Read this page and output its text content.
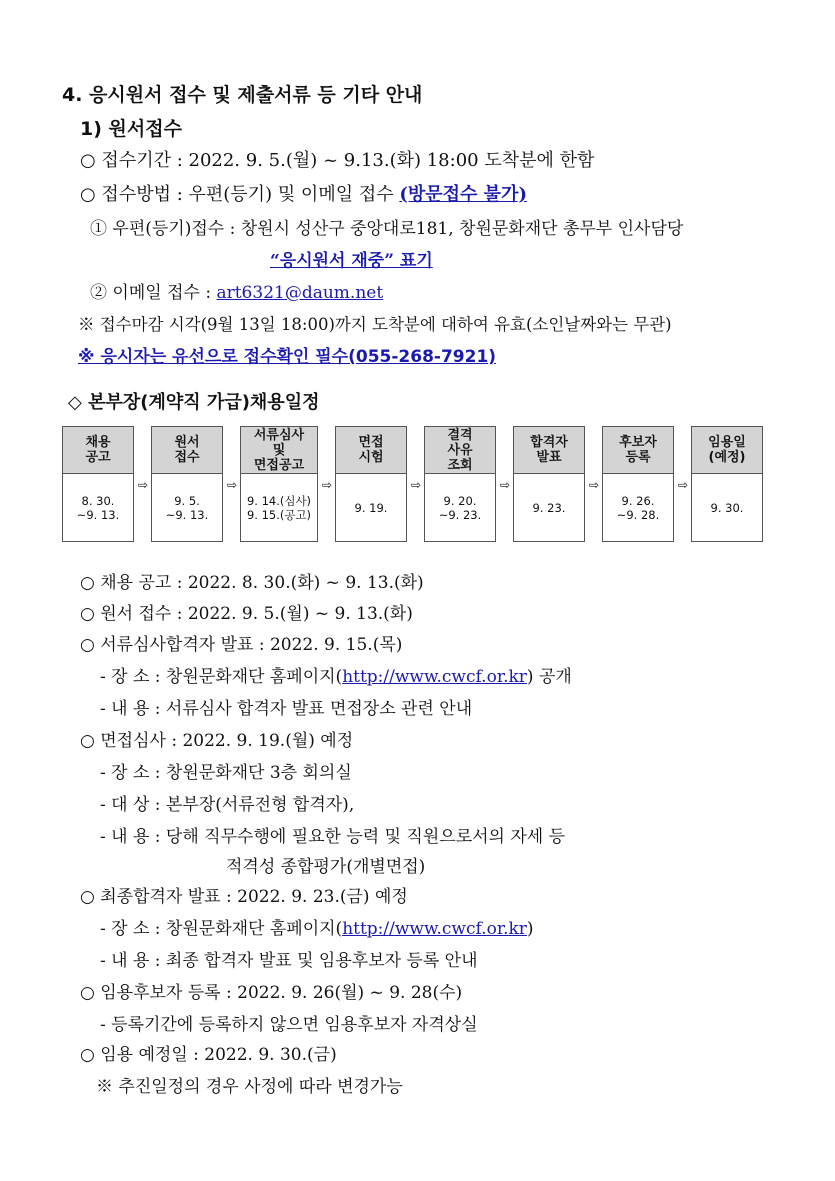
4. 응시원서 접수 및 제출서류 등 기타 안내
1) 원서접수
○ 접수기간 : 2022. 9. 5.(월) ~ 9.13.(화) 18:00 도착분에 한함
○ 접수방법 : 우편(등기) 및 이메일 접수 (방문접수 불가)
① 우편(등기)접수 : 창원시 성산구 중앙대로181, 창원문화재단 총무부 인사담당
“응시원서 재중” 표기
② 이메일 접수 : art6321@daum.net
※ 접수마감 시각(9월 13일 18:00)까지 도착분에 대하여 유효(소인날짜와는 무관)
※ 응시자는 유선으로 접수확인 필수(055-268-7921)
◇ 본부장(계약직 가급)채용일정
채용
공고
8. 30.
~9. 13.
⇨
원서
접수
9. 5.
~9. 13.
⇨
서류심사
및
면접공고
9. 14.(심사)
9. 15.(공고)
⇨
면접
시험
9. 19.
⇨
결격
사유
조회
9. 20.
~9. 23.
⇨
합격자
발표
9. 23.
⇨
후보자
등록
9. 26.
~9. 28.
⇨
임용일
(예정)
9. 30.
○ 채용 공고 : 2022. 8. 30.(화) ~ 9. 13.(화)
○ 원서 접수 : 2022. 9. 5.(월) ~ 9. 13.(화)
○ 서류심사합격자 발표 : 2022. 9. 15.(목)
- 장 소 : 창원문화재단 홈페이지(http://www.cwcf.or.kr) 공개
- 내 용 : 서류심사 합격자 발표 면접장소 관련 안내
○ 면접심사 : 2022. 9. 19.(월) 예정
- 장 소 : 창원문화재단 3층 회의실
- 대 상 : 본부장(서류전형 합격자),
- 내 용 : 당해 직무수행에 필요한 능력 및 직원으로서의 자세 등
적격성 종합평가(개별면접)
○ 최종합격자 발표 : 2022. 9. 23.(금) 예정
- 장 소 : 창원문화재단 홈페이지(http://www.cwcf.or.kr)
- 내 용 : 최종 합격자 발표 및 임용후보자 등록 안내
○ 임용후보자 등록 : 2022. 9. 26(월) ~ 9. 28(수)
- 등록기간에 등록하지 않으면 임용후보자 자격상실
○ 임용 예정일 : 2022. 9. 30.(금)
※ 추진일정의 경우 사정에 따라 변경가능
